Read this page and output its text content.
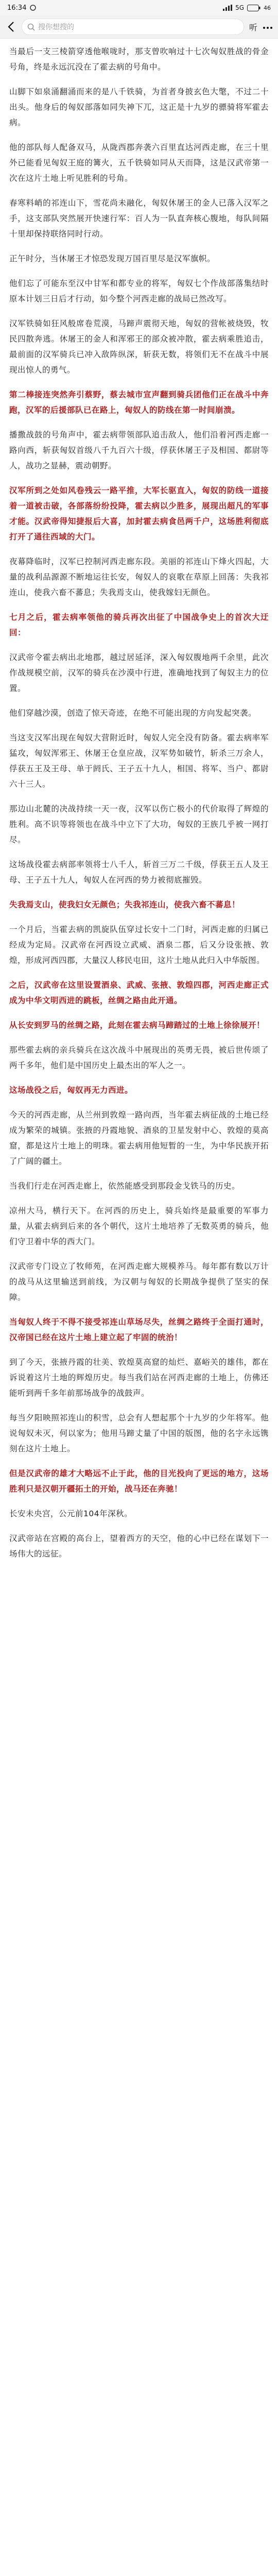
16:34	5G	46
搜你想搜的	听

当最后一支三棱箭穿透他喉咙时，那支曾吹响过十七次匈奴胜战的骨金号角，终是永远沉没在了霍去病的号角中。

山脚下如泉涌翻涌而来的是八千铁骑，为首者身披玄色大氅，不过二十出头。他身后的匈奴部落如同失神下兀，这正是十九岁的骠骑将军霍去病。

他的部队每人配备双马，从陇西郡奔袭六百里直达河西走廊，在三十里外已能看见匈奴王庭的篝火，五千铁骑如同从天而降，这是汉武帝第一次在这片土地上听见胜利的号角。

春寒料峭的祁连山下，雪花尚未融化，匈奴休屠王的金人已落入汉军之手，这支部队突然展开快速行军：百人为一队直奔核心腹地，每队间隔十里却保持联络同时行动。

正午时分，当休屠王才惊恐发现万国百里尽是汉军旗帜。

他们忘了可能东至汉中甘军和都专业的将军，匈奴七个作战部落集结时原本计划三日后才行动，如今整个河西走廊的战局已然改写。

汉军铁骑如狂风般席卷荒漠，马蹄声震彻天地，匈奴的营帐被烧毁，牧民四散奔逃。休屠王的金人和浑邪王的部众被冲散，霍去病乘胜追击，最前面的汉军骑兵已冲入敌阵纵深，斩获无数，将领们无不在战斗中展现出惊人的勇气。

第二棒接连突然奔引蔡野，蔡去城市宣声翻到骑兵团他们正在战斗中奔跑，汉军的后援部队已在路上，匈奴人的防线在第一时间崩溃。

播撒战鼓的号角声中，霍去病带领部队追击敌人，他们沿着河西走廊一路向西，斩获匈奴首级八千九百六十级，俘获休屠王子及相国、都尉等人，战功之显赫，震动朝野。

汉军所到之处如风卷残云一路平推，大军长驱直入，匈奴的防线一道接着一道被击破，各部落纷纷投降，霍去病以少胜多，展现出超凡的军事才能。汉武帝得知捷报后大喜，加封霍去病食邑两千户，这场胜利彻底打开了通往西域的大门。

夜幕降临时，汉军已控制河西走廊东段。美丽的祁连山下烽火四起，大量的战利品源源不断地运往长安，匈奴人的哀歌在草原上回荡：失我祁连山，使我六畜不蕃息；失我焉支山，使我嫁妇无颜色。

七月之后，霍去病率领他的骑兵再次出征了中国战争史上的首次大迂回：

汉武帝令霍去病出北地郡，越过居延泽，深入匈奴腹地两千余里，此次作战规模空前，汉军的骑兵在沙漠中行进，准确地找到了匈奴主力的位置。

他们穿越沙漠，创造了惊天奇迹，在绝不可能出现的方向发起突袭。

当这支汉军出现在匈奴大营附近时，匈奴人完全没有防备。霍去病率军猛攻，匈奴浑邪王、休屠王仓皇应战，汉军势如破竹，斩杀三万余人，俘获五王及王母、单于阏氏、王子五十九人，相国、将军、当户、都尉六十三人。

那边山北麓的决战持续一天一夜，汉军以伤亡极小的代价取得了辉煌的胜利。高不识等将领也在战斗中立下了大功，匈奴的王族几乎被一网打尽。

这场战役霍去病部率领将士八千人，斩首三万二千级，俘获王五人及王母、王子五十九人，匈奴人在河西的势力被彻底摧毁。

失我焉支山，使我妇女无颜色；失我祁连山，使我六畜不蕃息！

一个月后，当霍去病的凯旋队伍穿过长安十二门时，河西走廊的归属已经成为定局。汉武帝在河西设立武威、酒泉二郡，后又分设张掖、敦煌，形成河西四郡，大量汉人移民屯田，这片土地从此归入中华版图。

之后，汉武帝在这里设置酒泉、武威、张掖、敦煌四郡，河西走廊正式成为中华文明西进的跳板，丝绸之路由此开通。

从长安到罗马的丝绸之路，此刻在霍去病马蹄踏过的土地上徐徐展开！

那些霍去病的亲兵骑兵在这次战斗中展现出的英勇无畏，被后世传颂了两千多年，他们是中国历史上最杰出的军人之一。

这场战役之后，匈奴再无力西进。

今天的河西走廊，从兰州到敦煌一路向西，当年霍去病征战的土地已经成为繁荣的城镇。张掖的丹霞地貌、酒泉的卫星发射中心、敦煌的莫高窟，都是这片土地上的明珠。霍去病用他短暂的一生，为中华民族开拓了广阔的疆土。

当我们行走在河西走廊上，依然能感受到那段金戈铁马的历史。

凉州大马，横行天下。在河西的历史上，骑兵始终是最重要的军事力量，从霍去病到后来的各个朝代，这片土地培养了无数英勇的骑兵，他们守卫着中华的西大门。

汉武帝专门设立了牧师苑，在河西走廊大规模养马。每年都有数以万计的战马从这里输送到前线，为汉朝与匈奴的长期战争提供了坚实的保障。

当匈奴人终于不得不接受祁连山草场尽失，丝绸之路终于全面打通时，汉帝国已经在这片土地上建立起了牢固的统治！

到了今天，张掖丹霞的壮美、敦煌莫高窟的灿烂、嘉峪关的雄伟，都在诉说着这片土地的辉煌历史。每当我们站在河西走廊的土地上，仿佛还能听到两千多年前那场战争的战鼓声。

每当夕阳映照祁连山的积雪，总会有人想起那个十九岁的少年将军。他说匈奴未灭，何以家为；他用马蹄丈量了中国的版图，他的名字永远镌刻在这片土地上。

但是汉武帝的雄才大略远不止于此，他的目光投向了更远的地方，这场胜利只是汉朝开疆拓土的开始，战马还在奔驰！

长安未央宫，公元前104年深秋。

汉武帝站在宫殿的高台上，望着西方的天空，他的心中已经在谋划下一场伟大的远征。
